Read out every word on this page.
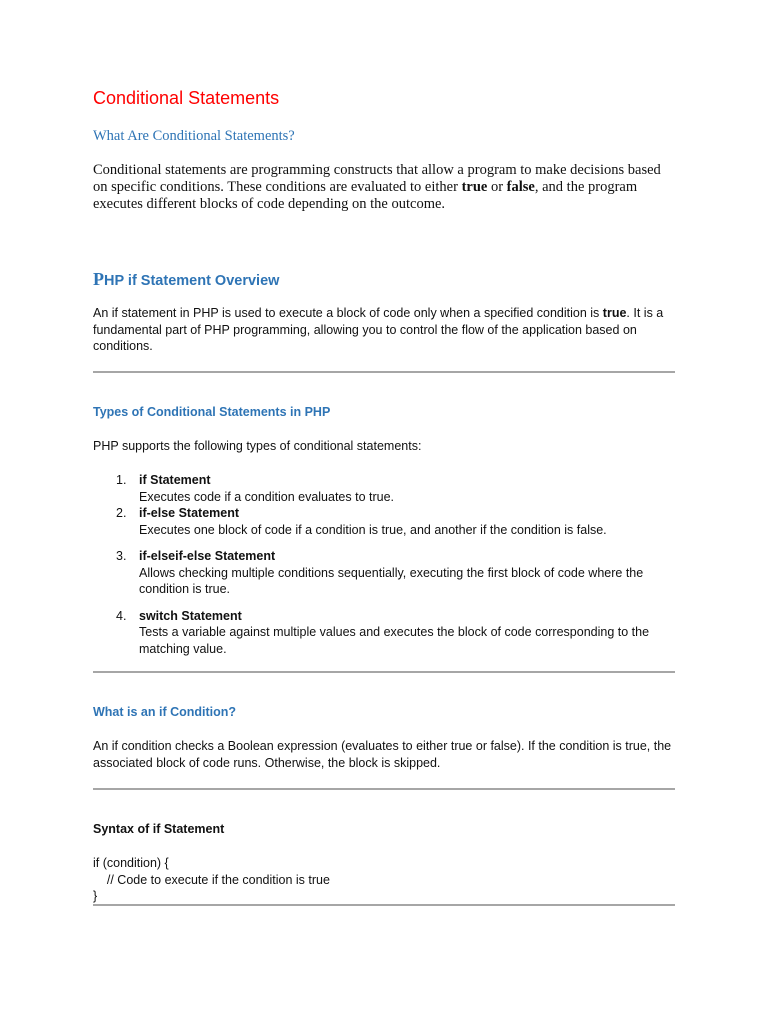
Conditional Statements
What Are Conditional Statements?

Conditional statements are programming constructs that allow a program to make decisions based on specific conditions. These conditions are evaluated to either true or false, and the program executes different blocks of code depending on the outcome.

PHP if Statement Overview

An if statement in PHP is used to execute a block of code only when a specified condition is true. It is a fundamental part of PHP programming, allowing you to control the flow of the application based on conditions.

Types of Conditional Statements in PHP

PHP supports the following types of conditional statements:

1. if Statement
Executes code if a condition evaluates to true.
2. if-else Statement
Executes one block of code if a condition is true, and another if the condition is false.
3. if-elseif-else Statement
Allows checking multiple conditions sequentially, executing the first block of code where the condition is true.
4. switch Statement
Tests a variable against multiple values and executes the block of code corresponding to the matching value.
What is an if Condition?

An if condition checks a Boolean expression (evaluates to either true or false). If the condition is true, the associated block of code runs. Otherwise, the block is skipped.

Syntax of if Statement
if (condition) {
// Code to execute if the condition is true
}
